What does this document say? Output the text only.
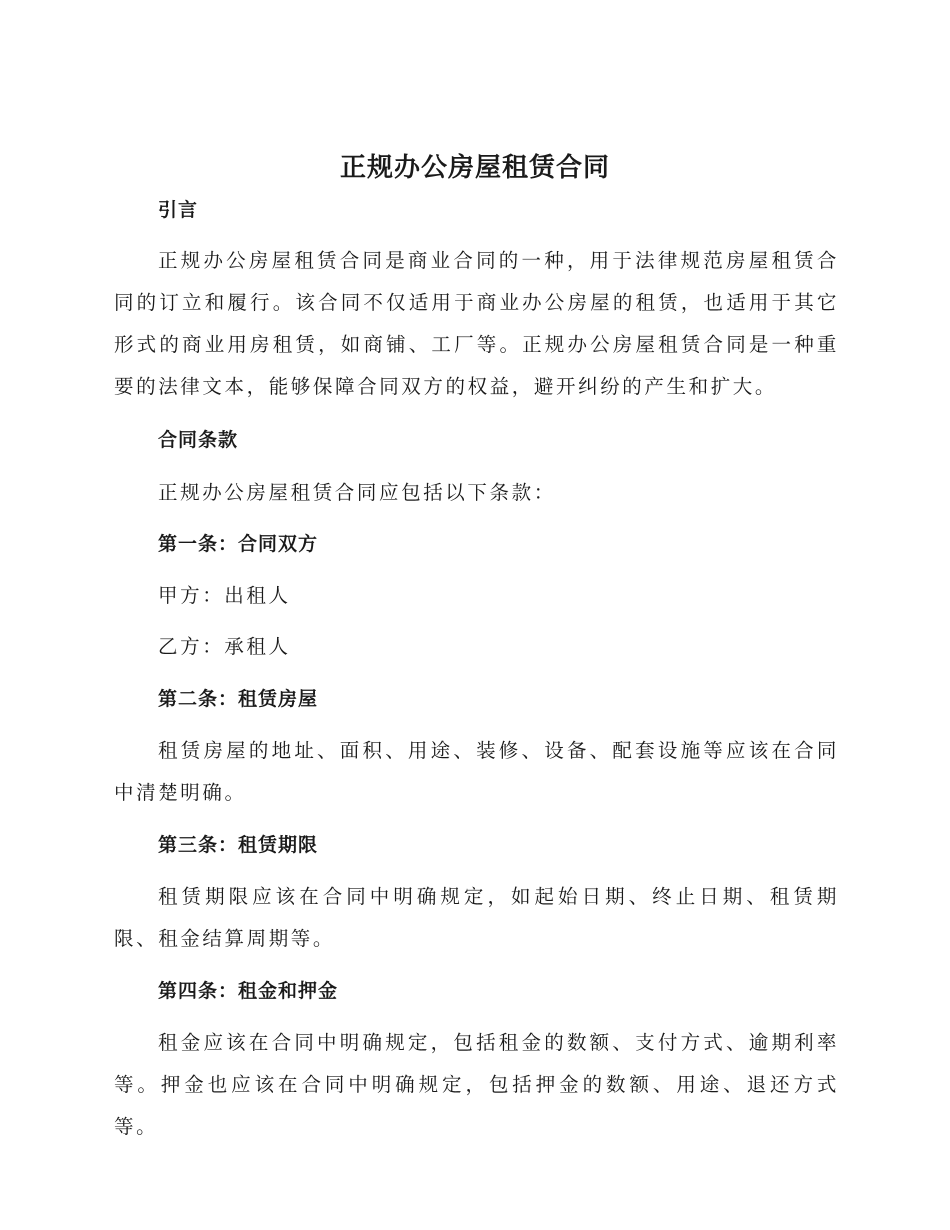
正规办公房屋租赁合同
引言

正规办公房屋租赁合同是商业合同的一种，用于法律规范房屋租赁合同的订立和履行。该合同不仅适用于商业办公房屋的租赁，也适用于其它形式的商业用房租赁，如商铺、工厂等。正规办公房屋租赁合同是一种重要的法律文本，能够保障合同双方的权益，避开纠纷的产生和扩大。

合同条款

正规办公房屋租赁合同应包括以下条款：

第一条：合同双方

甲方：出租人

乙方：承租人

第二条：租赁房屋

租赁房屋的地址、面积、用途、装修、设备、配套设施等应该在合同中清楚明确。

第三条：租赁期限

租赁期限应该在合同中明确规定，如起始日期、终止日期、租赁期限、租金结算周期等。

第四条：租金和押金

租金应该在合同中明确规定，包括租金的数额、支付方式、逾期利率等。押金也应该在合同中明确规定，包括押金的数额、用途、退还方式等。
